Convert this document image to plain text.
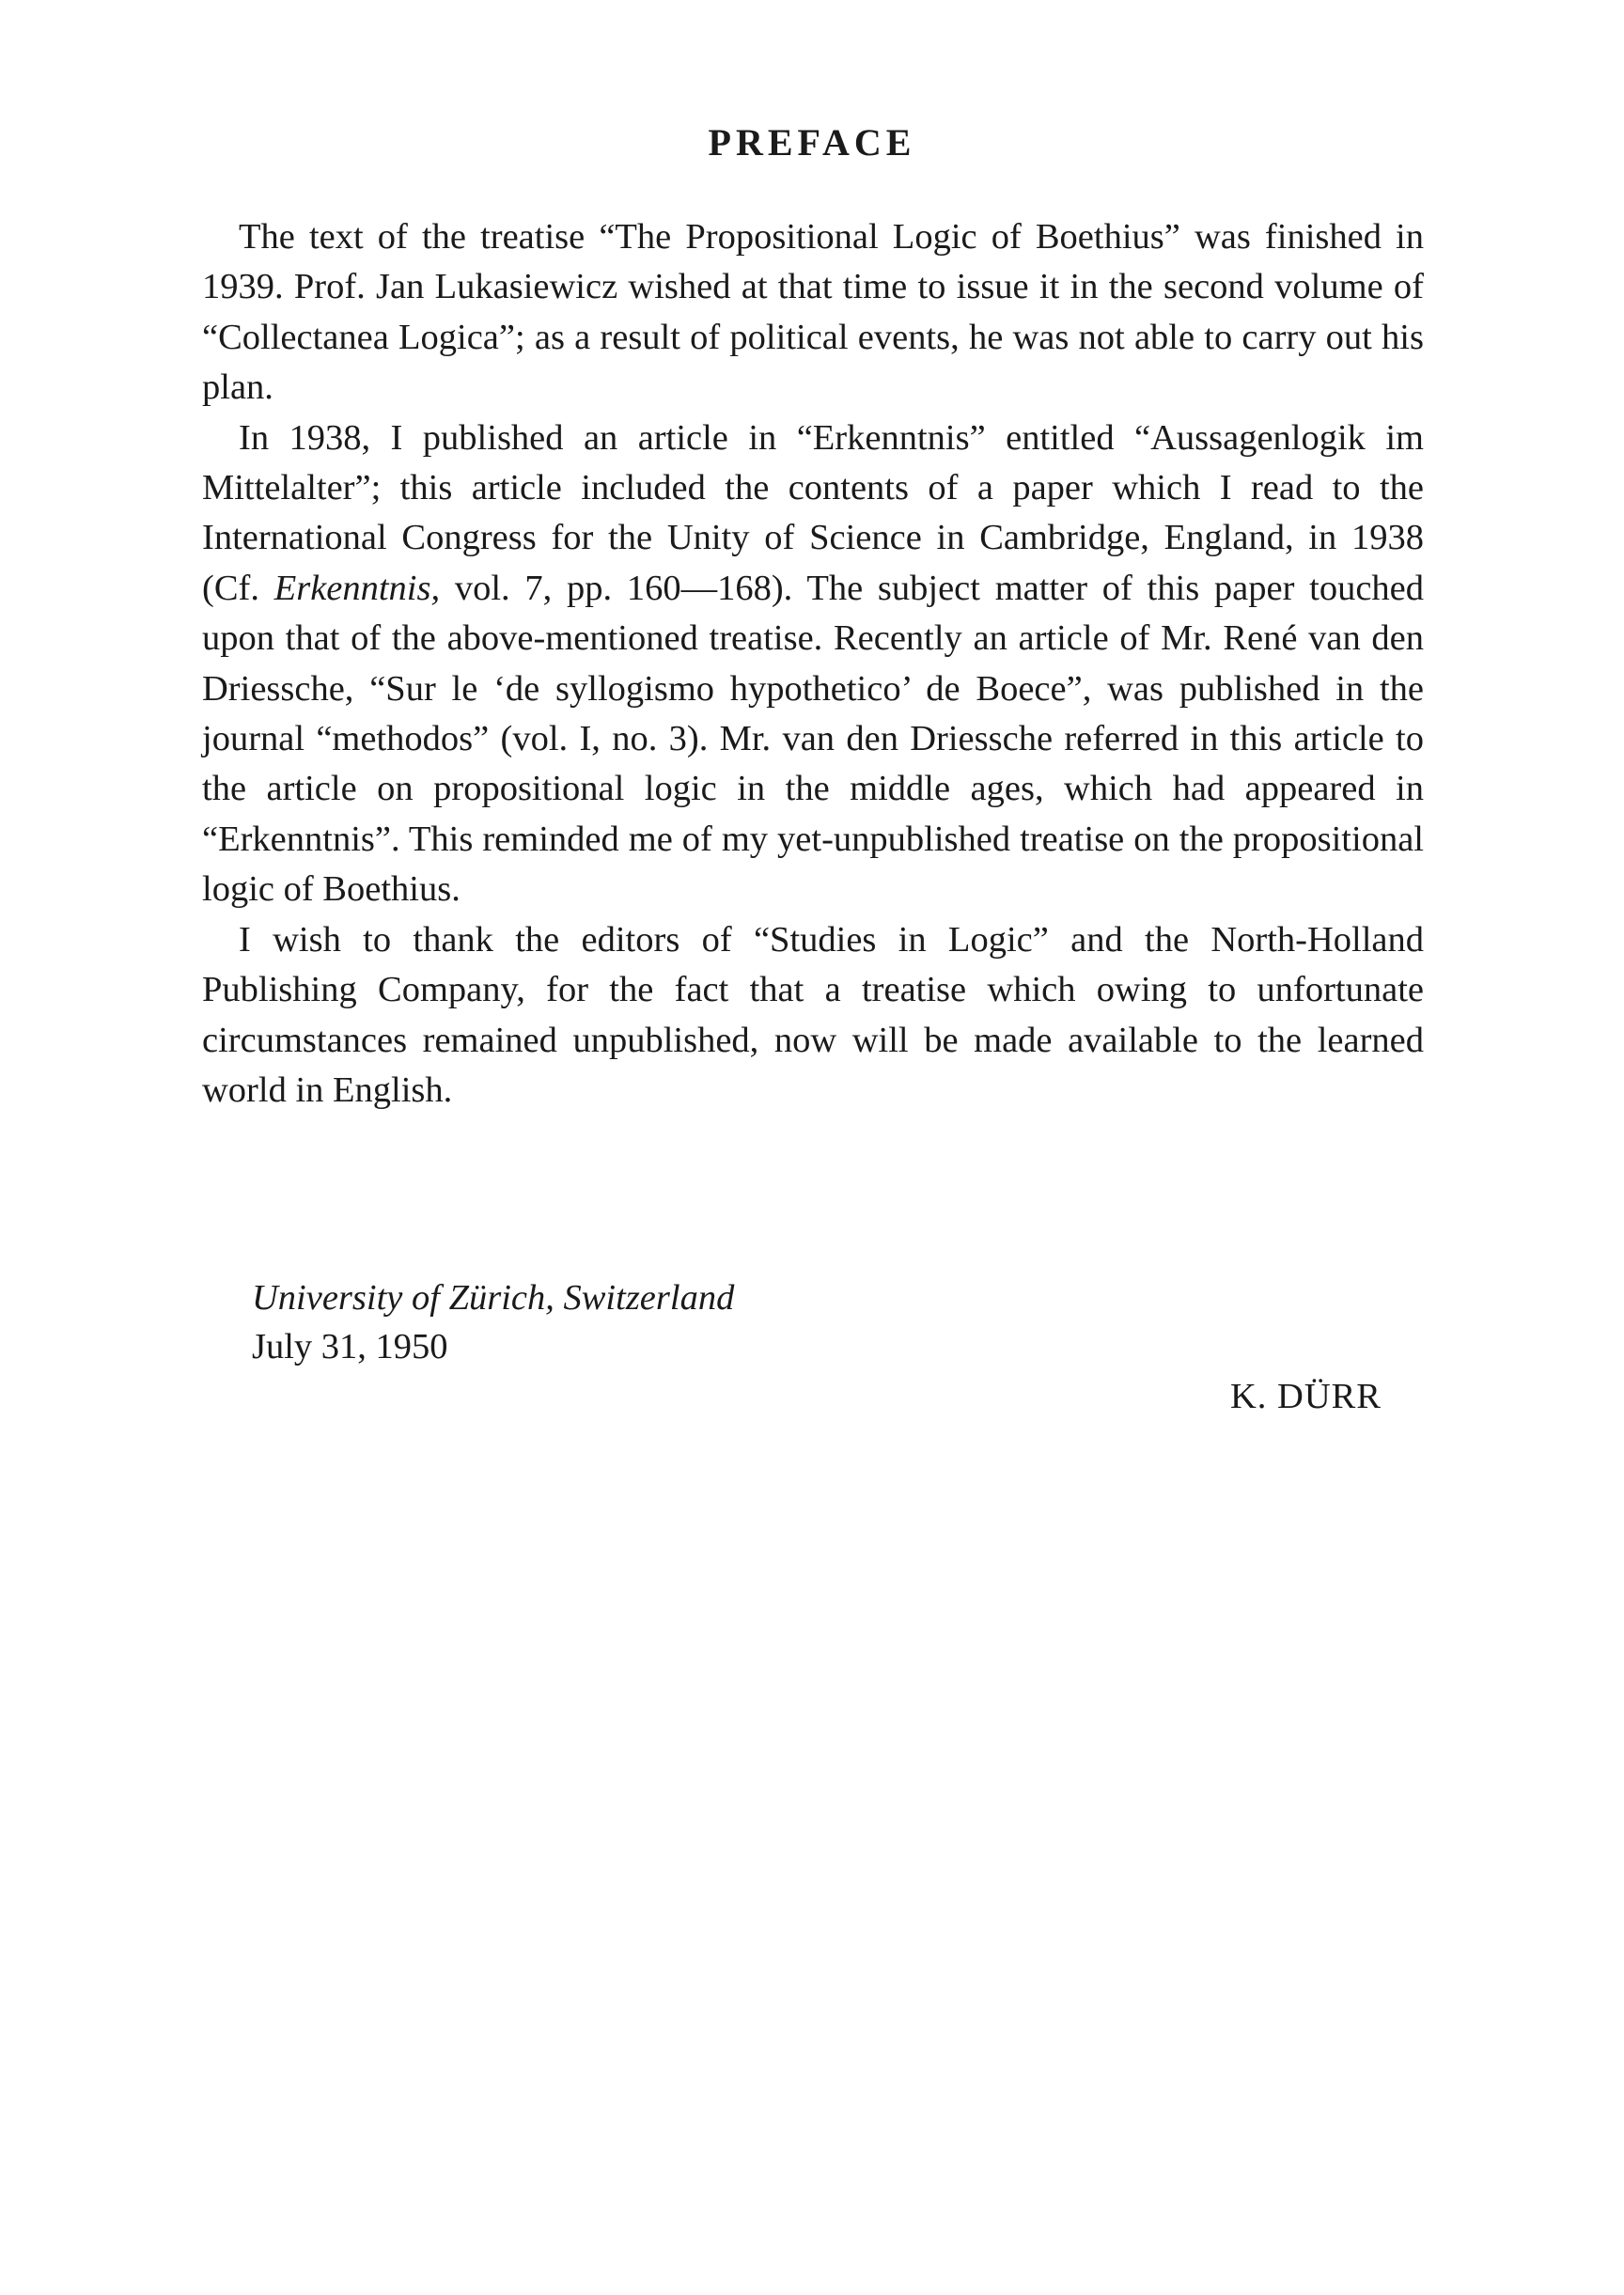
PREFACE

The text of the treatise “The Propositional Logic of Boethius” was finished in 1939. Prof. Jan Lukasiewicz wished at that time to issue it in the second volume of “Collectanea Logica”; as a result of political events, he was not able to carry out his plan.

In 1938, I published an article in “Erkenntnis” entitled “Aussagenlogik im Mittelalter”; this article included the contents of a paper which I read to the International Congress for the Unity of Science in Cambridge, England, in 1938 (Cf. Erkenntnis, vol. 7, pp. 160—168). The subject matter of this paper touched upon that of the above-mentioned treatise. Recently an article of Mr. René van den Driessche, “Sur le ‘de syllogismo hypothetico’ de Boece”, was published in the journal “methodos” (vol. I, no. 3). Mr. van den Driessche referred in this article to the article on propositional logic in the middle ages, which had appeared in “Erkenntnis”. This reminded me of my yet-unpublished treatise on the propositional logic of Boethius.

I wish to thank the editors of “Studies in Logic” and the North-Holland Publishing Company, for the fact that a treatise which owing to unfortunate circumstances remained unpublished, now will be made available to the learned world in English.

University of Zürich, Switzerland
July 31, 1950
K. DÜRR
